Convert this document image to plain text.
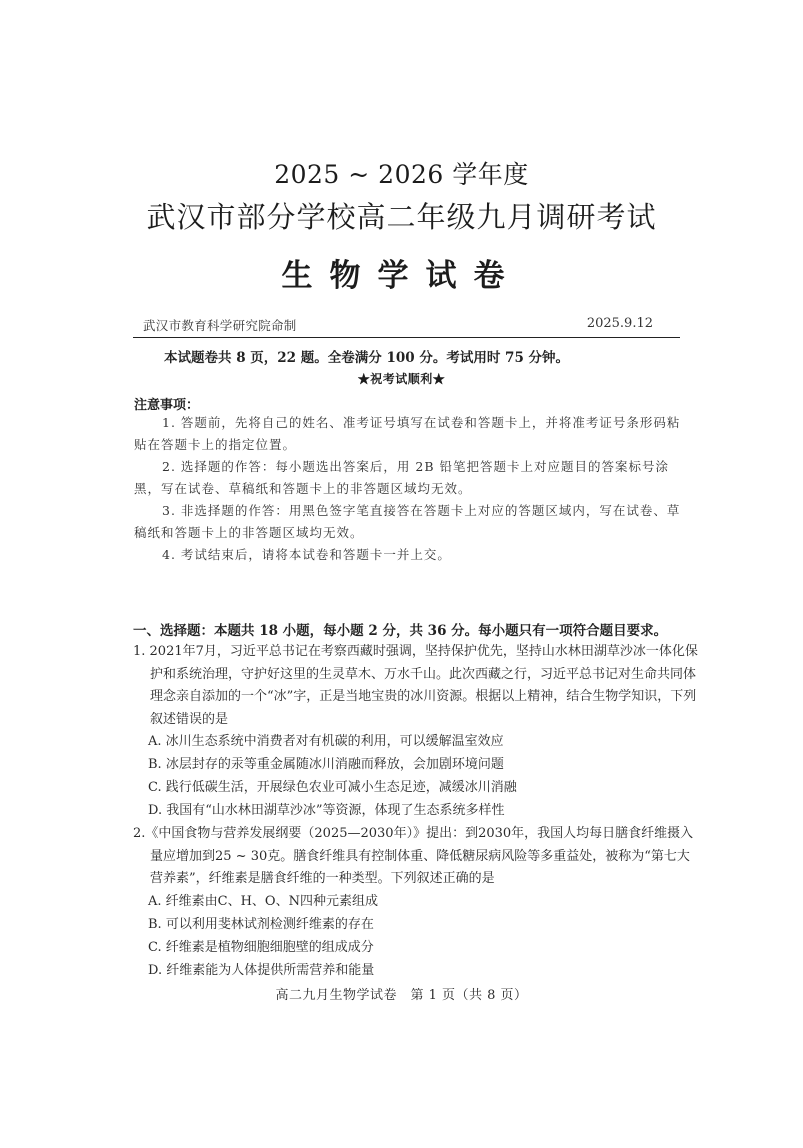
2025 ~ 2026 学年度
武汉市部分学校高二年级九月调研考试
生物学试卷
武汉市教育科学研究院命制	2025.9.12
本试题卷共 8 页，22 题。全卷满分 100 分。考试用时 75 分钟。
★祝考试顺利★
注意事项：
1. 答题前，先将自己的姓名、准考证号填写在试卷和答题卡上，并将准考证号条形码粘贴在答题卡上的指定位置。
2. 选择题的作答：每小题选出答案后，用 2B 铅笔把答题卡上对应题目的答案标号涂黑，写在试卷、草稿纸和答题卡上的非答题区域均无效。
3. 非选择题的作答：用黑色签字笔直接答在答题卡上对应的答题区域内，写在试卷、草稿纸和答题卡上的非答题区域均无效。
4. 考试结束后，请将本试卷和答题卡一并上交。
一、选择题：本题共 18 小题，每小题 2 分，共 36 分。每小题只有一项符合题目要求。
1. 2021年7月，习近平总书记在考察西藏时强调，坚持保护优先，坚持山水林田湖草沙冰一体化保护和系统治理，守护好这里的生灵草木、万水千山。此次西藏之行，习近平总书记对生命共同体理念亲自添加的一个“冰”字，正是当地宝贵的冰川资源。根据以上精神，结合生物学知识，下列叙述错误的是
A. 冰川生态系统中消费者对有机碳的利用，可以缓解温室效应
B. 冰层封存的汞等重金属随冰川消融而释放，会加剧环境问题
C. 践行低碳生活，开展绿色农业可减小生态足迹，减缓冰川消融
D. 我国有“山水林田湖草沙冰”等资源，体现了生态系统多样性
2.《中国食物与营养发展纲要（2025—2030年）》提出：到2030年，我国人均每日膳食纤维摄入量应增加到25 ~ 30克。膳食纤维具有控制体重、降低糖尿病风险等多重益处，被称为“第七大营养素”，纤维素是膳食纤维的一种类型。下列叙述正确的是
A. 纤维素由C、H、O、N四种元素组成
B. 可以利用斐林试剂检测纤维素的存在
C. 纤维素是植物细胞细胞壁的组成成分
D. 纤维素能为人体提供所需营养和能量
高二九月生物学试卷　第 1 页（共 8 页）
